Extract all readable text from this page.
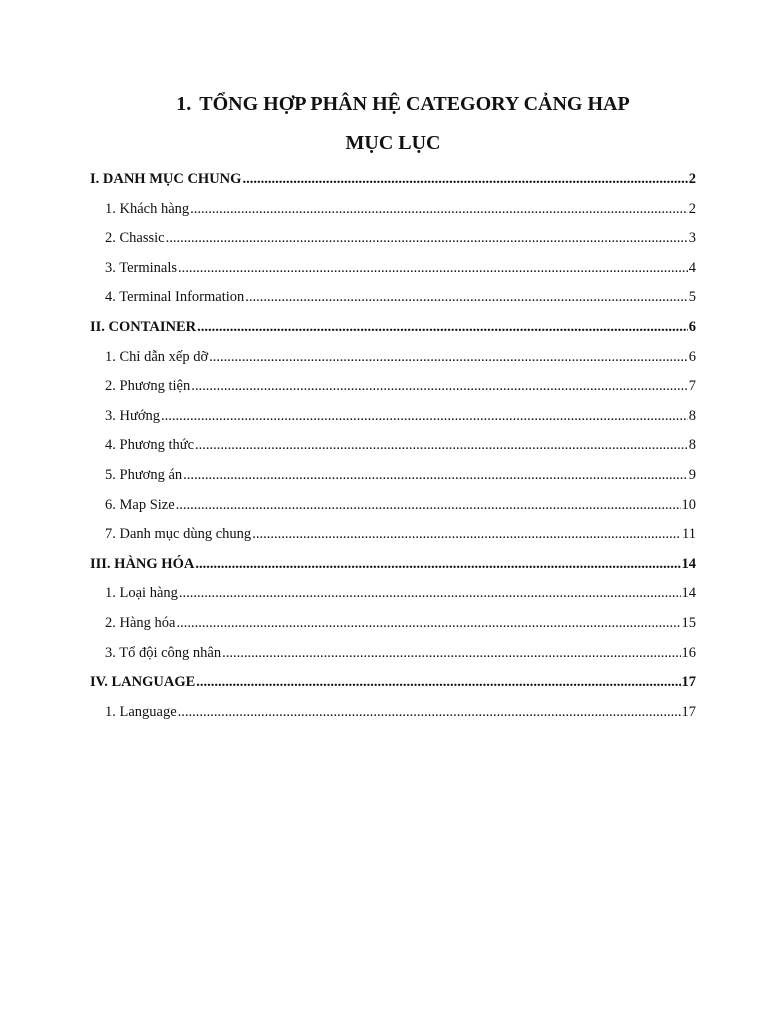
1. TỔNG HỢP PHÂN HỆ CATEGORY CẢNG HAP
MỤC LỤC
I. DANH MỤC CHUNG .....	2
1. Khách hàng .....	2
2. Chassic .....	3
3. Terminals .....	4
4. Terminal Information .....	5
II. CONTAINER .....	6
1. Chỉ dẫn xếp dỡ .....	6
2. Phương tiện .....	7
3. Hướng .....	8
4. Phương thức .....	8
5. Phương án .....	9
6. Map Size .....	10
7. Danh mục dùng chung .....	11
III. HÀNG HÓA .....	14
1. Loại hàng .....	14
2. Hàng hóa .....	15
3. Tổ đội công nhân .....	16
IV. LANGUAGE .....	17
1. Language .....	17
